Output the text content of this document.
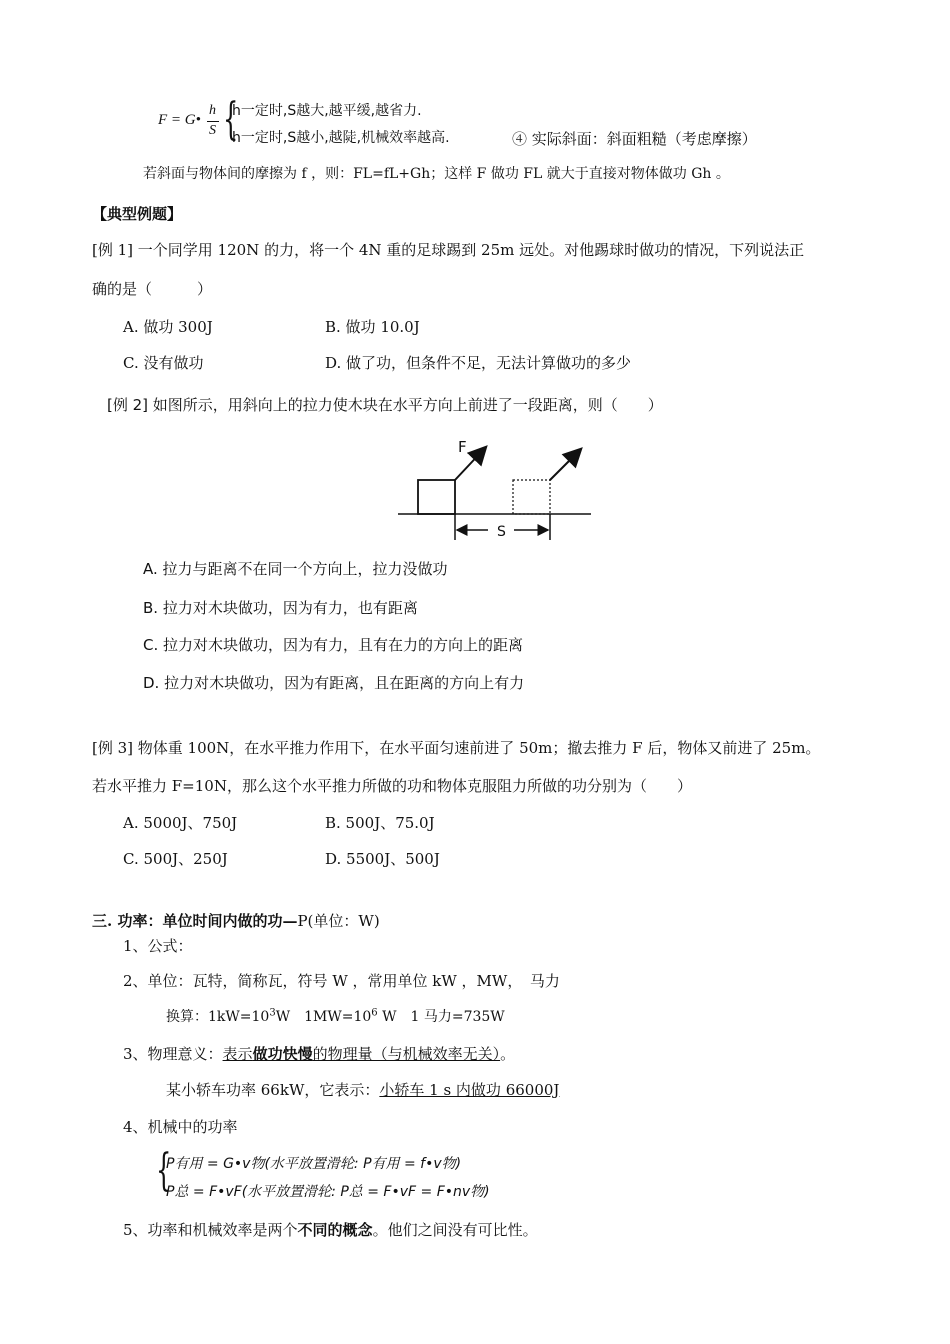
F = G•
h
S {
h一定时,S越大,越平缓,越省力.
h一定时,S越小,越陡,机械效率越高.	④ 实际斜面：斜面粗糙（考虑摩擦）
若斜面与物体间的摩擦为 f ，则：FL=fL+Gh；这样 F 做功 FL 就大于直接对物体做功 Gh 。
【典型例题】
[例 1] 一个同学用 120N 的力，将一个 4N 重的足球踢到 25m 远处。对他踢球时做功的情况，下列说法正
确的是（　　　）
A. 做功 300J	B. 做功 10.0J
C. 没有做功	D. 做了功，但条件不足，无法计算做功的多少
[例 2] 如图所示，用斜向上的拉力使木块在水平方向上前进了一段距离，则（　　）
F
S
A. 拉力与距离不在同一个方向上，拉力没做功
B. 拉力对木块做功，因为有力，也有距离
C. 拉力对木块做功，因为有力，且有在力的方向上的距离
D. 拉力对木块做功，因为有距离，且在距离的方向上有力
[例 3] 物体重 100N，在水平推力作用下，在水平面匀速前进了 50m；撤去推力 F 后，物体又前进了 25m。
若水平推力 F=10N，那么这个水平推力所做的功和物体克服阻力所做的功分别为（　　）
A. 5000J、750J	B. 500J、75.0J
C. 500J、250J	D. 5500J、500J
三. 功率：单位时间内做的功—P(单位：W)
1、公式：
2、单位：瓦特，简称瓦，符号 W ，常用单位 kW ，MW，　马力
换算：$1kW=10^3W$　$1MW=10^6$ W　1 马力=735W
3、物理意义：表示做功快慢的物理量（与机械效率无关）。
某小轿车功率 66kW，它表示：小轿车 1 s 内做功 66000J
4、机械中的功率
{
P有用 = G•v物(水平放置滑轮: P有用 = f•v物)
P总 = F•vF(水平放置滑轮: P总 = F•vF = F•nv物)
5、功率和机械效率是两个不同的概念。他们之间没有可比性。
